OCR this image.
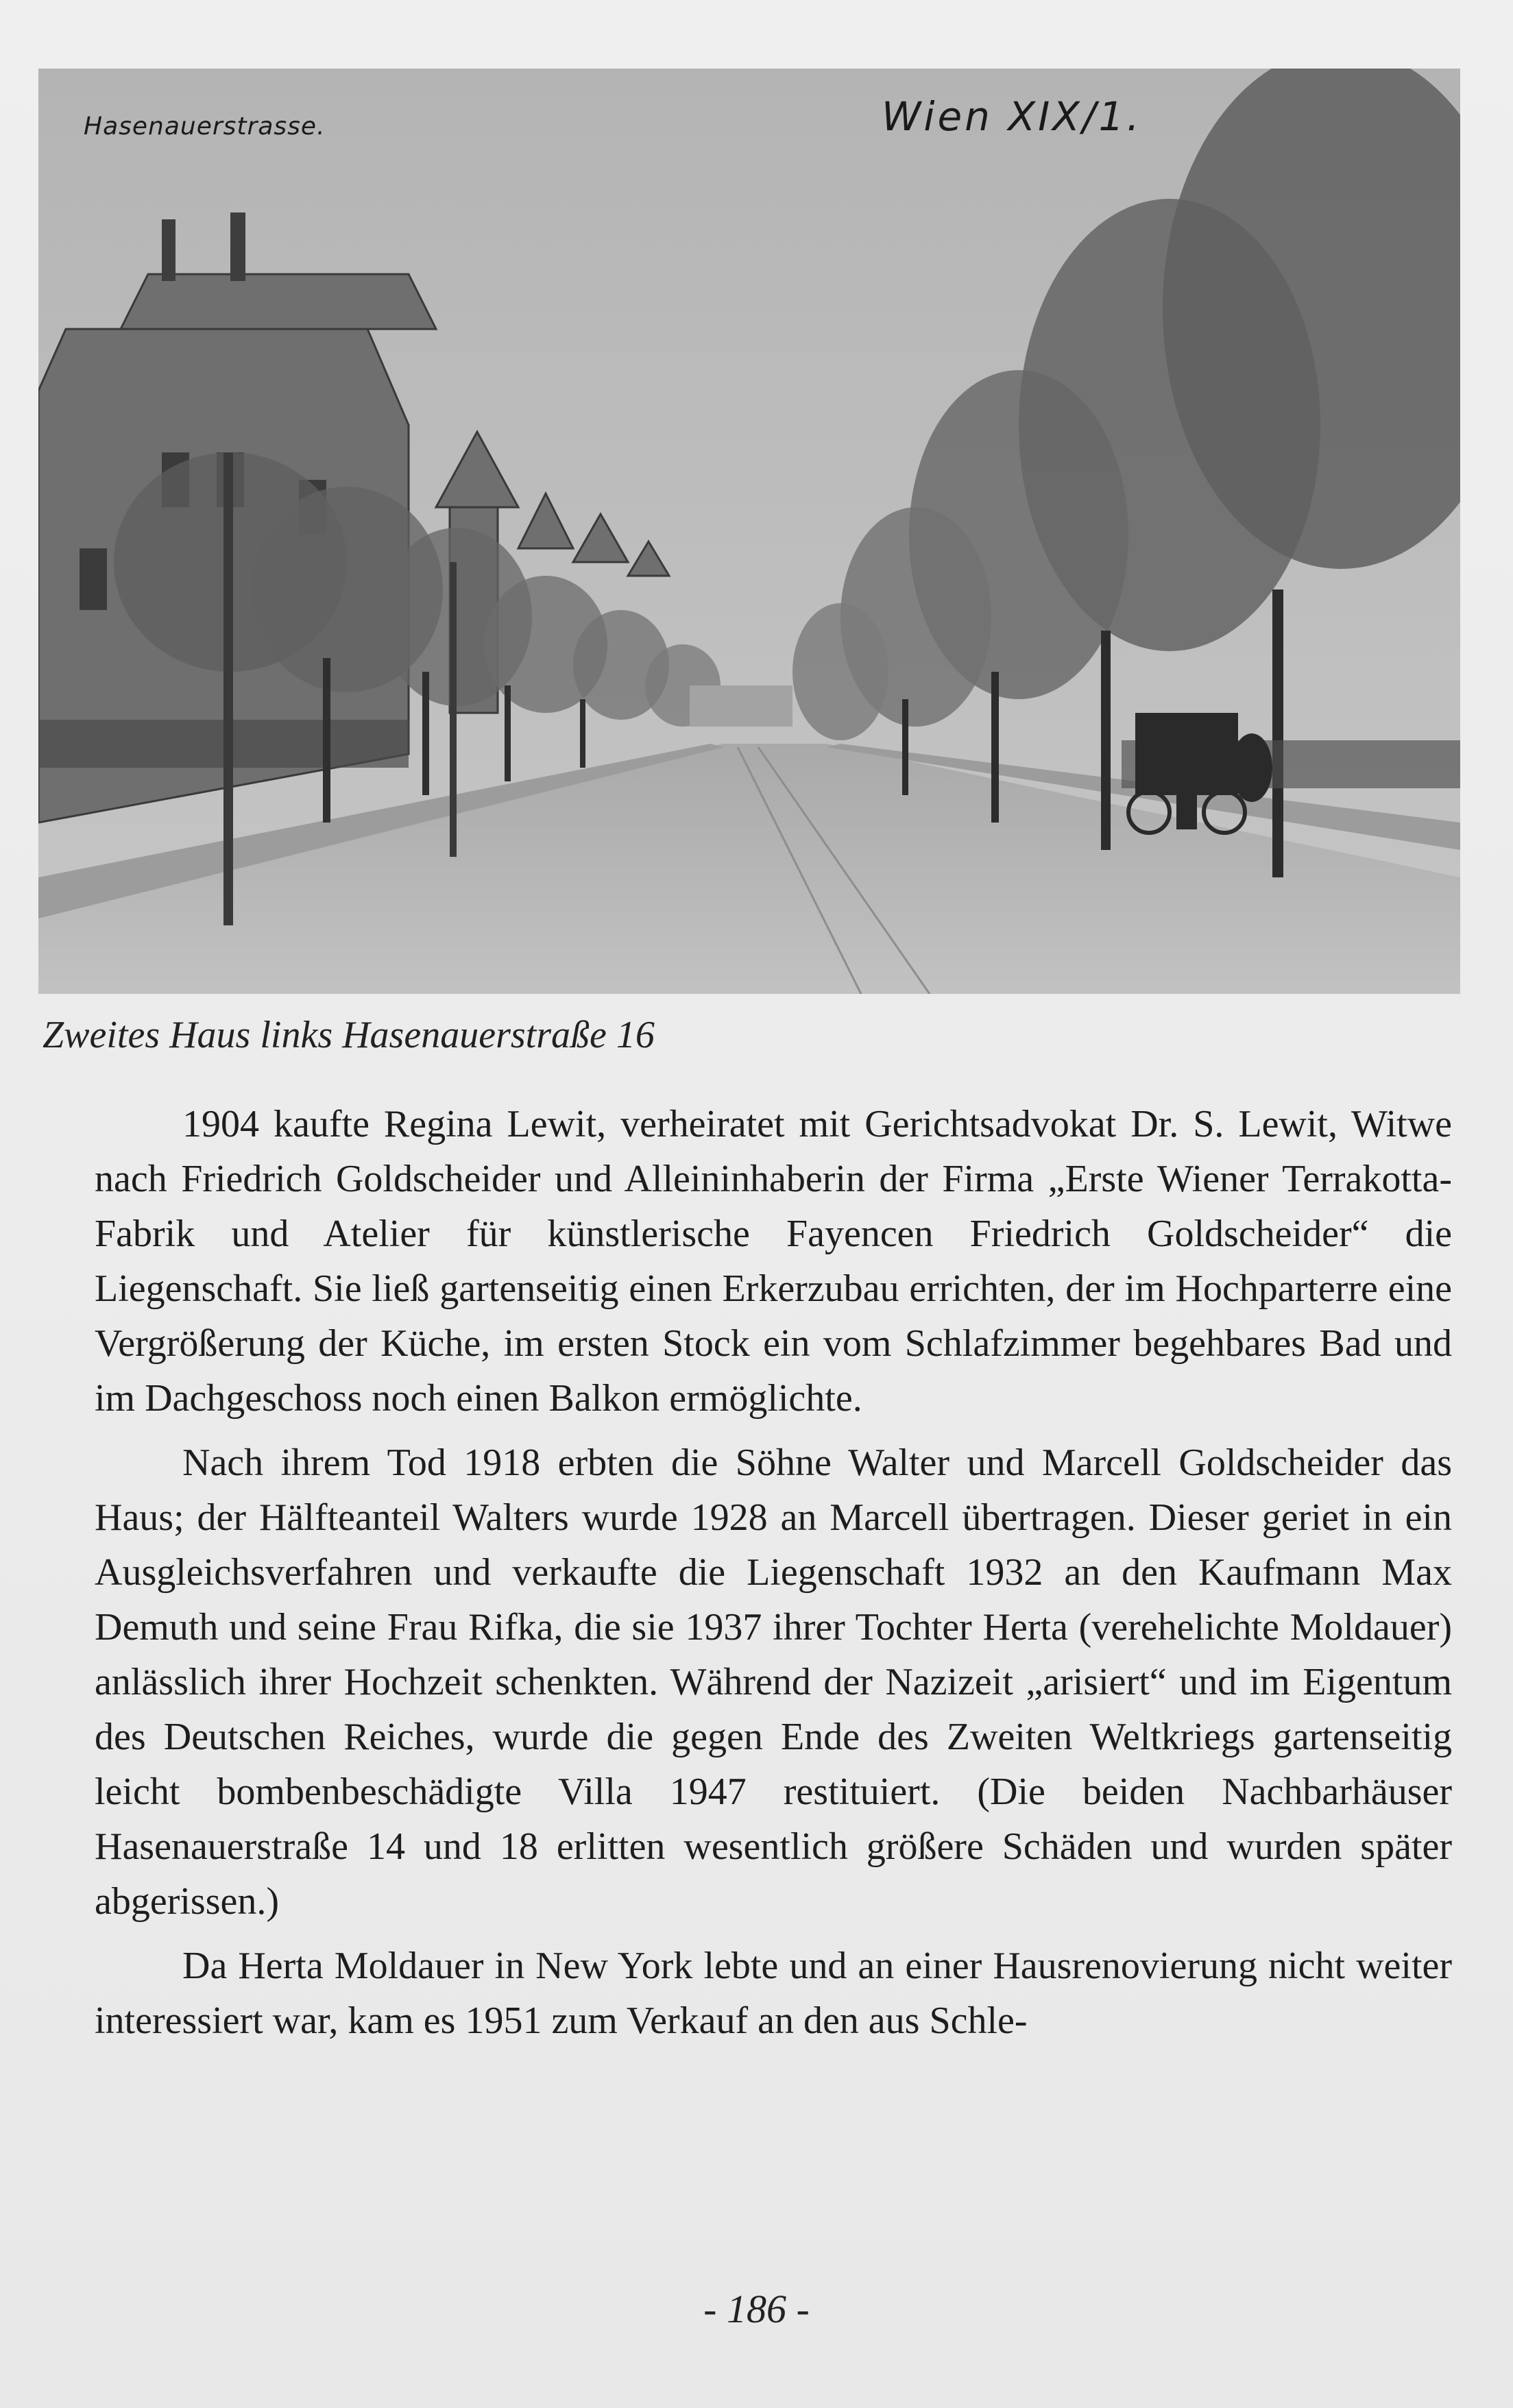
Hasenauerstrasse.	Wien XIX/1.
Zweites Haus links Hasenauerstraße 16

1904 kaufte Regina Lewit, verheiratet mit Gerichtsadvokat Dr. S. Lewit, Witwe nach Friedrich Goldscheider und Alleininhaberin der Firma „Erste Wiener Terrakotta-Fabrik und Atelier für künstlerische Fayencen Friedrich Goldscheider“ die Liegenschaft. Sie ließ gartenseitig einen Erkerzubau errichten, der im Hochparterre eine Vergrößerung der Küche, im ersten Stock ein vom Schlafzimmer begehbares Bad und im Dachgeschoss noch einen Balkon ermöglichte.

Nach ihrem Tod 1918 erbten die Söhne Walter und Marcell Goldscheider das Haus; der Hälfteanteil Walters wurde 1928 an Marcell übertragen. Dieser geriet in ein Ausgleichsverfahren und verkaufte die Liegenschaft 1932 an den Kaufmann Max Demuth und seine Frau Rifka, die sie 1937 ihrer Tochter Herta (verehelichte Moldauer) anlässlich ihrer Hochzeit schenkten. Während der Nazizeit „arisiert“ und im Eigentum des Deutschen Reiches, wurde die gegen Ende des Zweiten Weltkriegs gartenseitig leicht bombenbeschädigte Villa 1947 restituiert. (Die beiden Nachbarhäuser Hasenauerstraße 14 und 18 erlitten wesentlich größere Schäden und wurden später abgerissen.)

Da Herta Moldauer in New York lebte und an einer Hausrenovierung nicht weiter interessiert war, kam es 1951 zum Verkauf an den aus Schle-

- 186 -
